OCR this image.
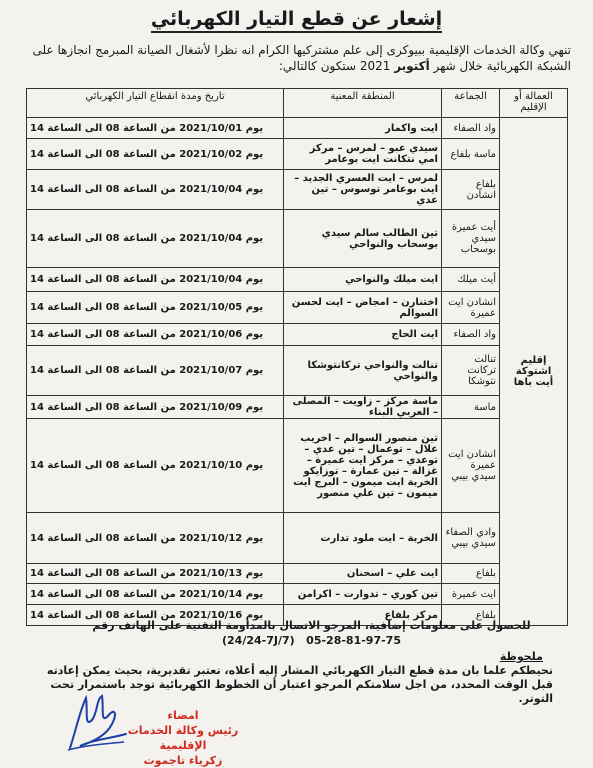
إشعار عن قطع التيار الكهربائي
تنهي وكالة الخدمات الإقليمية ببيوكرى إلى علم مشتركيها الكرام انه نظرا لأشغال الصيانة المبرمج انجازها على الشبكة الكهربائية خلال شهر أكتوبر 2021 ستكون كالتالي:
العمالة أو الإقليم	الجماعة	المنطقة المعنية	تاريخ ومدة انقطاع التيار الكهربائي

إقليم
اشتوكة
أيت باها	واد الصفاء	ايت واكمار	يوم 2021/10/01 من الساعة 08 الى الساعة 14
	ماسة بلفاع	سيدي عبو – لمرس – مركز امي نتكانت ايت بوعامر	يوم 2021/10/02 من الساعة 08 الى الساعة 14
	بلفاع انشادن	لمرس – ايت العسري الجديد – ايت بوعامر توسوس – تين عدي	يوم 2021/10/04 من الساعة 08 الى الساعة 14
	أيت عميرة سيدي بوسحاب	تين الطالب سالم سيدي بوسحاب والنواحي	يوم 2021/10/04 من الساعة 08 الى الساعة 14
	أيت ميلك	ايت ميلك والنواحي	يوم 2021/10/04 من الساعة 08 الى الساعة 14
	انشادن ايت عميرة	اختنارن – امجاض – ايت لحسن السوالم	يوم 2021/10/05 من الساعة 08 الى الساعة 14
	واد الصفاء	ايت الحاج	يوم 2021/10/06 من الساعة 08 الى الساعة 14
	تنالت تركانت نتوشكا	تنالت والنواحي تركانتوشكا والنواحي	يوم 2021/10/07 من الساعة 08 الى الساعة 14
	ماسة	ماسة مركز – زاويت – المصلى – العربي البناء	يوم 2021/10/09 من الساعة 08 الى الساعة 14
	انشادن ايت عميرة سيدي بيبي	تين منصور السوالم – اخريب علال – توعمال – تين عدي – توعدي – مركز ايت عميرة – غزالة – تين عمارة – توزايكو الخربة ايت ميمون – البرج ايت ميمون – تين علي منصور	يوم 2021/10/10 من الساعة 08 الى الساعة 14
	وادي الصفاء سيدي بيبي	الخربة – ايت ملود تدارت	يوم 2021/10/12 من الساعة 08 الى الساعة 14
	بلفاع	ايت علي – اسحنان	يوم 2021/10/13 من الساعة 08 الى الساعة 14
	ايت عميرة	تين كوري – تدوارت – اكرامن	يوم 2021/10/14 من الساعة 08 الى الساعة 14
	بلفاع	مركز بلفاع	يوم 2021/10/16 من الساعة 08 الى الساعة 14
للحصول على معلومات إضافية، المرجو الاتصال بالمداومة التقنية على الهاتف رقم
(24/24-7J/7) 05-28-81-97-75
ملحوظة
نحيطكم علما بان مدة قطع التيار الكهربائي المشار إليه أعلاه، تعتبر تقديرية، بحيث يمكن إعادته قبل الوقت المحدد، من اجل سلامتكم المرجو اعتبار أن الخطوط الكهربائية توجد باستمرار تحت التوتر.
امضاء
رئيس وكالة الخدمات الإقليمية
زكرياء تاجموت
